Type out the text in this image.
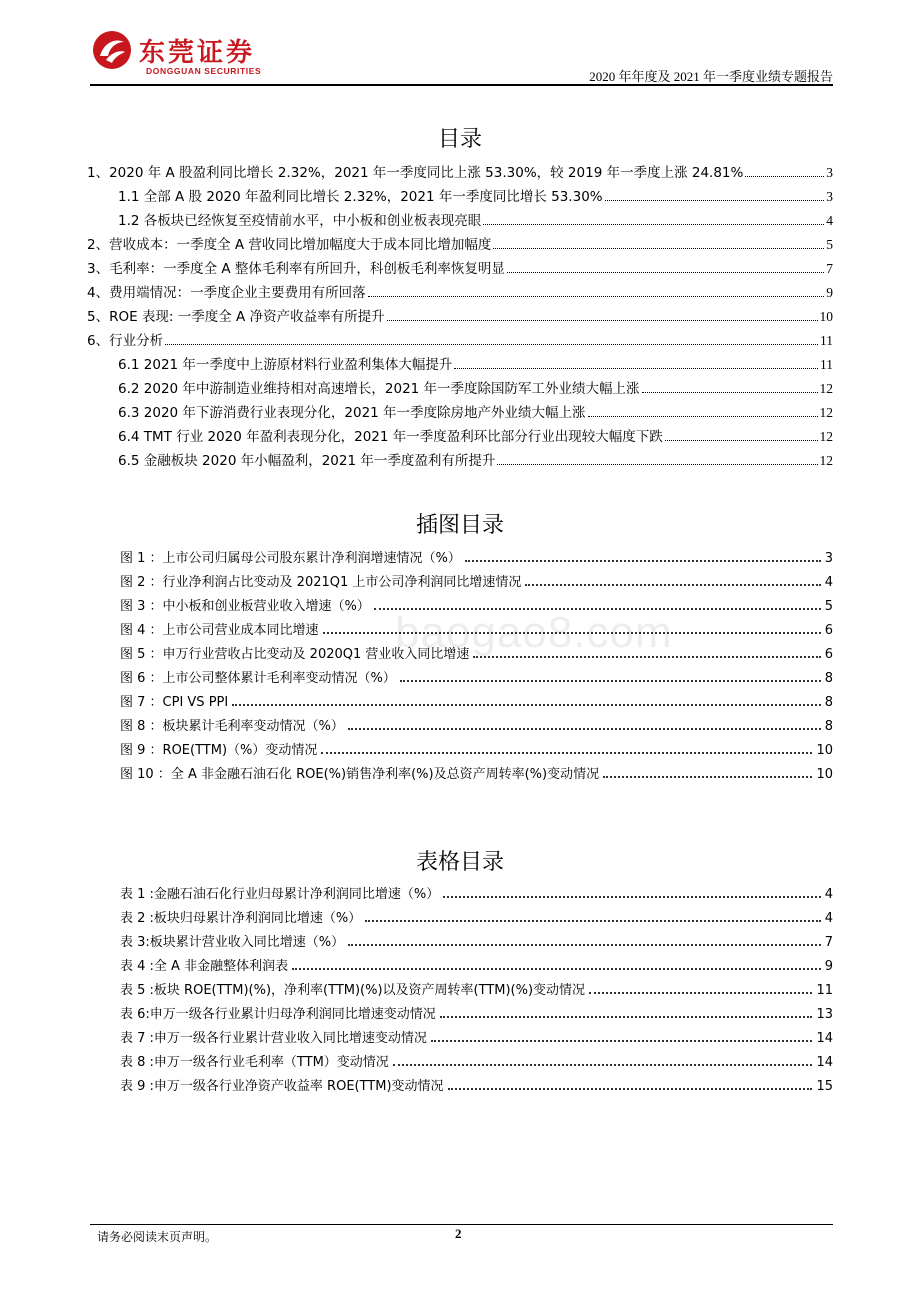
东莞证券
DONGGUAN SECURITIES	2020 年年度及 2021 年一季度业绩专题报告
目录
1、2020 年 A 股盈利同比增长 2.32%，2021 年一季度同比上涨 53.30%，较 2019 年一季度上涨 24.81%	3
1.1 全部 A 股 2020 年盈利同比增长 2.32%，2021 年一季度同比增长 53.30%	3
1.2 各板块已经恢复至疫情前水平，中小板和创业板表现亮眼	4
2、营收成本：一季度全 A 营收同比增加幅度大于成本同比增加幅度	5
3、毛利率：一季度全 A 整体毛利率有所回升，科创板毛利率恢复明显	7
4、费用端情况：一季度企业主要费用有所回落	9
5、ROE 表现: 一季度全 A 净资产收益率有所提升	10
6、行业分析	11
6.1 2021 年一季度中上游原材料行业盈利集体大幅提升	11
6.2 2020 年中游制造业维持相对高速增长，2021 年一季度除国防军工外业绩大幅上涨	12
6.3 2020 年下游消费行业表现分化，2021 年一季度除房地产外业绩大幅上涨	12
6.4 TMT 行业 2020 年盈利表现分化，2021 年一季度盈利环比部分行业出现较大幅度下跌	12
6.5 金融板块 2020 年小幅盈利，2021 年一季度盈利有所提升	12
插图目录
图 1 ：上市公司归属母公司股东累计净利润增速情况（%）	3
图 2 ：行业净利润占比变动及 2021Q1 上市公司净利润同比增速情况	4
图 3 ：中小板和创业板营业收入增速（%）	5
图 4 ：上市公司营业成本同比增速	6
图 5 ：申万行业营收占比变动及 2020Q1 营业收入同比增速	6
图 6 ：上市公司整体累计毛利率变动情况（%）	8
图 7 ：CPI VS PPI	8
图 8 ：板块累计毛利率变动情况（%）	8
图 9 ：ROE(TTM)（%）变动情况	10
图 10 ：全 A 非金融石油石化 ROE(%)销售净利率(%)及总资产周转率(%)变动情况	10
表格目录
表 1 :金融石油石化行业归母累计净利润同比增速（%）	4
表 2 :板块归母累计净利润同比增速（%）	4
表 3:板块累计营业收入同比增速（%）	7
表 4 :全 A 非金融整体利润表	9
表 5 :板块 ROE(TTM)(%)，净利率(TTM)(%)以及资产周转率(TTM)(%)变动情况	11
表 6:申万一级各行业累计归母净利润同比增速变动情况	13
表 7 :申万一级各行业累计营业收入同比增速变动情况	14
表 8 :申万一级各行业毛利率（TTM）变动情况	14
表 9 :申万一级各行业净资产收益率 ROE(TTM)变动情况	15
baogao8.com
请务必阅读末页声明。	2
